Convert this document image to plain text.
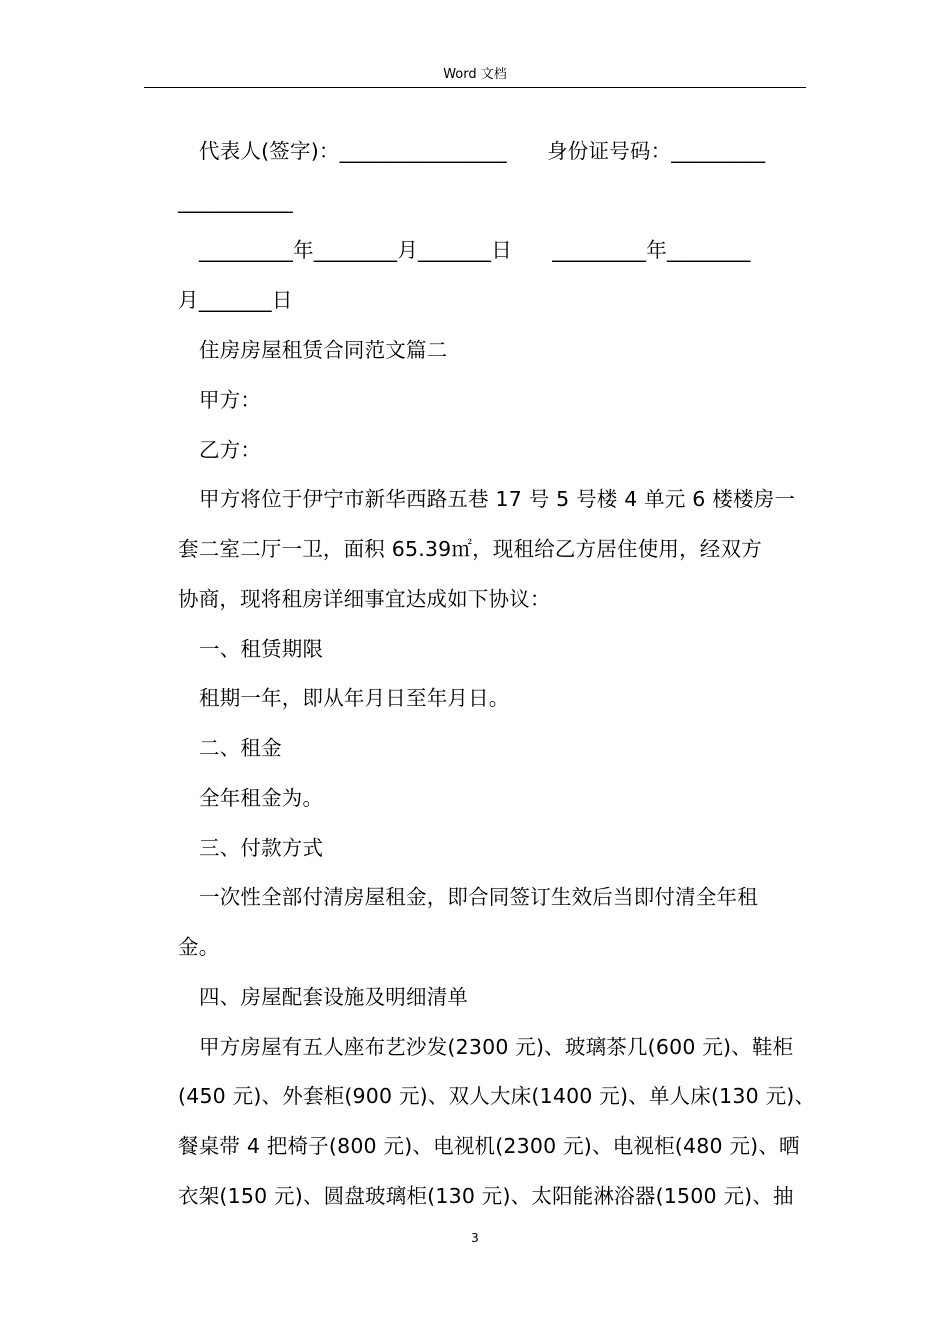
Word 文档
代表人(签字)：________________      身份证号码：_________
___________
_________年________月_______日      _________年________
月_______日
住房房屋租赁合同范文篇二
甲方：
乙方：
甲方将位于伊宁市新华西路五巷 17 号 5 号楼 4 单元 6 楼楼房一
套二室二厅一卫，面积 65.39㎡，现租给乙方居住使用，经双方
协商，现将租房详细事宜达成如下协议：
一、租赁期限
租期一年，即从年月日至年月日。
二、租金
全年租金为。
三、付款方式
一次性全部付清房屋租金，即合同签订生效后当即付清全年租
金。
四、房屋配套设施及明细清单
甲方房屋有五人座布艺沙发(2300 元)、玻璃茶几(600 元)、鞋柜
(450 元)、外套柜(900 元)、双人大床(1400 元)、单人床(130 元)、
餐桌带 4 把椅子(800 元)、电视机(2300 元)、电视柜(480 元)、晒
衣架(150 元)、圆盘玻璃柜(130 元)、太阳能淋浴器(1500 元)、抽
3
